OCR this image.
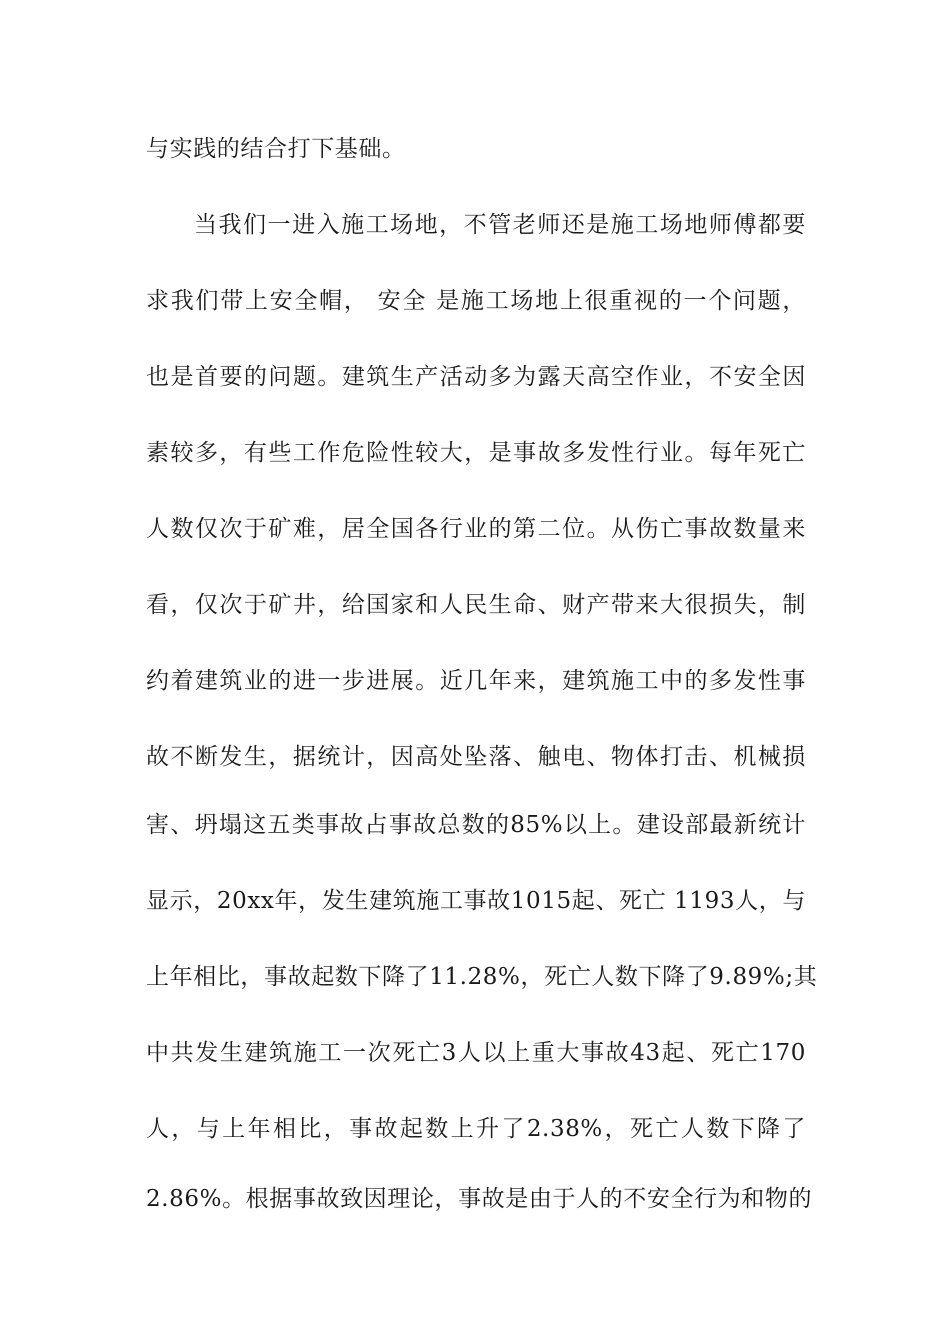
与实践的结合打下基础。
当我们一进入施工场地，不管老师还是施工场地师傅都要
求我们带上安全帽， 安全 是施工场地上很重视的一个问题，
也是首要的问题。建筑生产活动多为露天高空作业，不安全因
素较多，有些工作危险性较大，是事故多发性行业。每年死亡
人数仅次于矿难，居全国各行业的第二位。从伤亡事故数量来
看，仅次于矿井，给国家和人民生命、财产带来大很损失，制
约着建筑业的进一步进展。近几年来，建筑施工中的多发性事
故不断发生，据统计，因高处坠落、触电、物体打击、机械损
害、坍塌这五类事故占事故总数的85%以上。建设部最新统计
显示，20xx年，发生建筑施工事故1015起、死亡 1193人，与
上年相比，事故起数下降了11.28%，死亡人数下降了9.89%;其
中共发生建筑施工一次死亡3人以上重大事故43起、死亡170
人，与上年相比，事故起数上升了2.38%，死亡人数下降了
2.86%。根据事故致因理论，事故是由于人的不安全行为和物的
